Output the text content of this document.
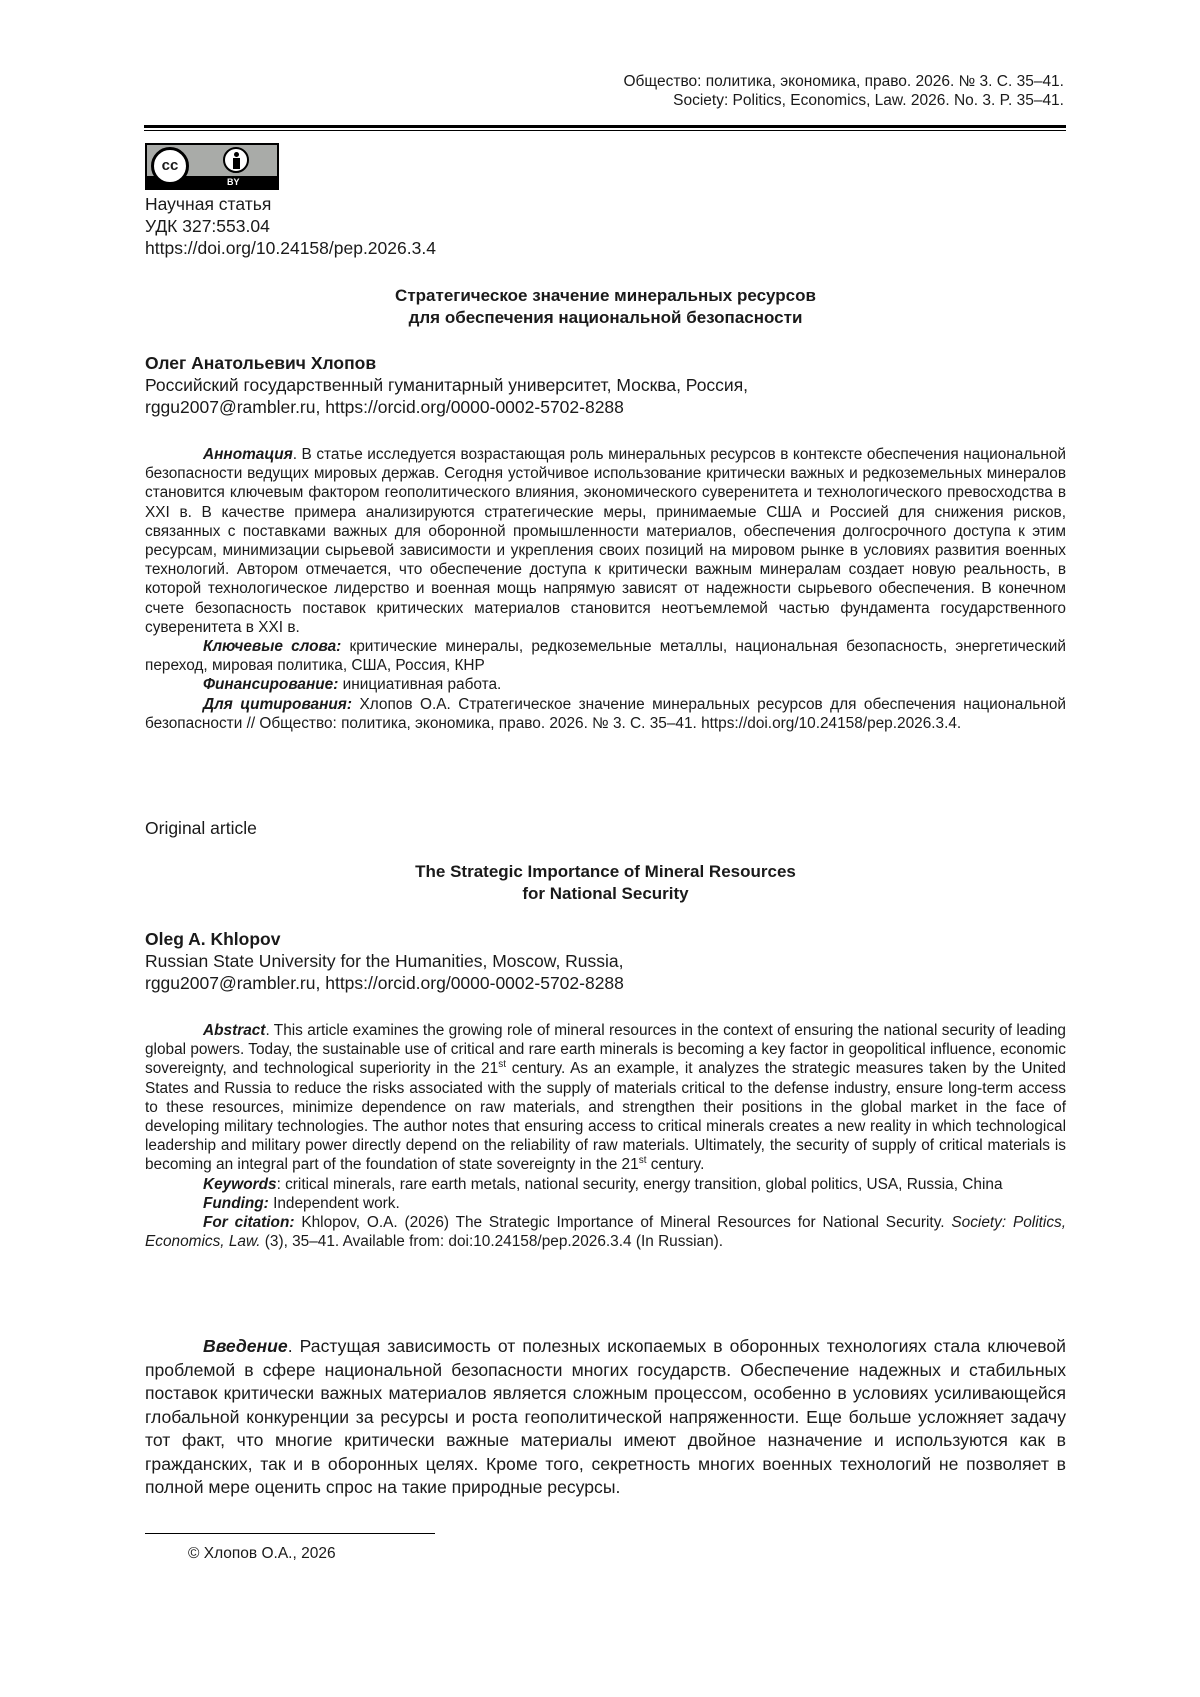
Общество: политика, экономика, право. 2026. № 3. С. 35–41.
Society: Politics, Economics, Law. 2026. No. 3. P. 35–41.
cc
BY
Научная статья
УДК 327:553.04
https://doi.org/10.24158/pep.2026.3.4
Стратегическое значение минеральных ресурсов
для обеспечения национальной безопасности
Олег Анатольевич Хлопов
Российский государственный гуманитарный университет, Москва, Россия,
rggu2007@rambler.ru, https://orcid.org/0000-0002-5702-8288

Аннотация. В статье исследуется возрастающая роль минеральных ресурсов в контексте обеспечения национальной безопасности ведущих мировых держав. Сегодня устойчивое использование критически важных и редкоземельных минералов становится ключевым фактором геополитического влияния, экономического суверенитета и технологического превосходства в XXI в. В качестве примера анализируются стратегические меры, принимаемые США и Россией для снижения рисков, связанных с поставками важных для оборонной промышленности материалов, обеспечения долгосрочного доступа к этим ресурсам, минимизации сырьевой зависимости и укрепления своих позиций на мировом рынке в условиях развития военных технологий. Автором отмечается, что обеспечение доступа к критически важным минералам создает новую реальность, в которой технологическое лидерство и военная мощь напрямую зависят от надежности сырьевого обеспечения. В конечном счете безопасность поставок критических материалов становится неотъемлемой частью фундамента государственного суверенитета в XXI в.

Ключевые слова: критические минералы, редкоземельные металлы, национальная безопасность, энергетический переход, мировая политика, США, Россия, КНР

Финансирование: инициативная работа.

Для цитирования: Хлопов О.А. Стратегическое значение минеральных ресурсов для обеспечения национальной безопасности // Общество: политика, экономика, право. 2026. № 3. С. 35–41. https://doi.org/10.24158/pep.2026.3.4.

Original article
The Strategic Importance of Mineral Resources
for National Security
Oleg A. Khlopov
Russian State University for the Humanities, Moscow, Russia,
rggu2007@rambler.ru, https://orcid.org/0000-0002-5702-8288

Abstract. This article examines the growing role of mineral resources in the context of ensuring the national security of leading global powers. Today, the sustainable use of critical and rare earth minerals is becoming a key factor in geopolitical influence, economic sovereignty, and technological superiority in the 21st century. As an example, it analyzes the strategic measures taken by the United States and Russia to reduce the risks associated with the supply of materials critical to the defense industry, ensure long-term access to these resources, minimize dependence on raw materials, and strengthen their positions in the global market in the face of developing military technologies. The author notes that ensuring access to critical minerals creates a new reality in which technological leadership and military power directly depend on the reliability of raw materials. Ultimately, the security of supply of critical materials is becoming an integral part of the foundation of state sovereignty in the 21st century.

Keywords: critical minerals, rare earth metals, national security, energy transition, global politics, USA, Russia, China

Funding: Independent work.

For citation: Khlopov, O.A. (2026) The Strategic Importance of Mineral Resources for National Security. Society: Politics, Economics, Law. (3), 35–41. Available from: doi:10.24158/pep.2026.3.4 (In Russian).

Введение. Растущая зависимость от полезных ископаемых в оборонных технологиях стала ключевой проблемой в сфере национальной безопасности многих государств. Обеспечение надежных и стабильных поставок критически важных материалов является сложным процессом, особенно в условиях усиливающейся глобальной конкуренции за ресурсы и роста геополитической напряженности. Еще больше усложняет задачу тот факт, что многие критически важные материалы имеют двойное назначение и используются как в гражданских, так и в оборонных целях. Кроме того, секретность многих военных технологий не позволяет в полной мере оценить спрос на такие природные ресурсы.

© Хлопов О.А., 2026
